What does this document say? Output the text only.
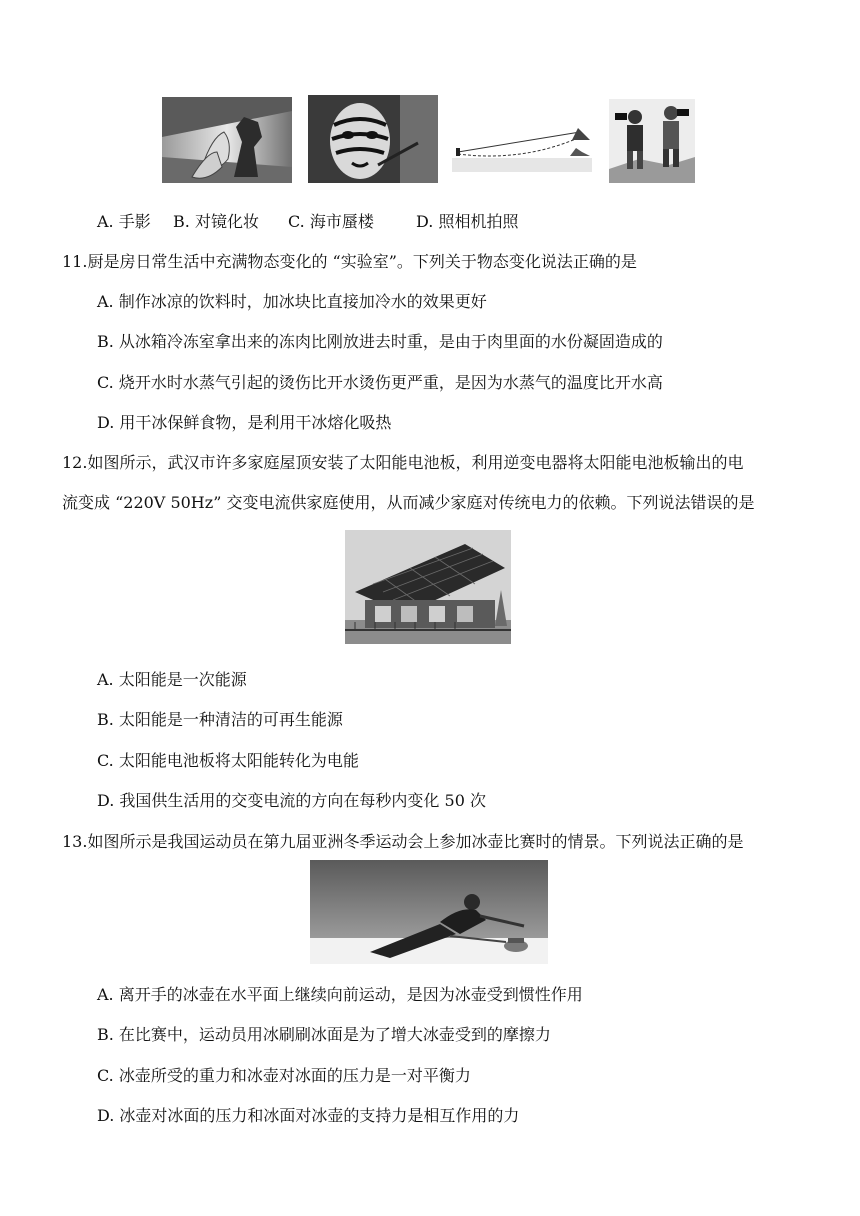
A. 手影 B. 对镜化妆 C. 海市蜃楼	D. 照相机拍照
11.厨是房日常生活中充满物态变化的 “实验室”。下列关于物态变化说法正确的是
A. 制作冰凉的饮料时，加冰块比直接加冷水的效果更好
B. 从冰箱冷冻室拿出来的冻肉比刚放进去时重，是由于肉里面的水份凝固造成的
C. 烧开水时水蒸气引起的烫伤比开水烫伤更严重，是因为水蒸气的温度比开水高
D. 用干冰保鲜食物，是利用干冰熔化吸热
12.如图所示，武汉市许多家庭屋顶安装了太阳能电池板，利用逆变电器将太阳能电池板输出的电
流变成 “220V 50Hz” 交变电流供家庭使用，从而减少家庭对传统电力的依赖。下列说法错误的是
A. 太阳能是一次能源
B. 太阳能是一种清洁的可再生能源
C. 太阳能电池板将太阳能转化为电能
D. 我国供生活用的交变电流的方向在每秒内变化 50 次
13.如图所示是我国运动员在第九届亚洲冬季运动会上参加冰壶比赛时的情景。下列说法正确的是
A. 离开手的冰壶在水平面上继续向前运动，是因为冰壶受到惯性作用
B. 在比赛中，运动员用冰刷刷冰面是为了增大冰壶受到的摩擦力
C. 冰壶所受的重力和冰壶对冰面的压力是一对平衡力
D. 冰壶对冰面的压力和冰面对冰壶的支持力是相互作用的力
